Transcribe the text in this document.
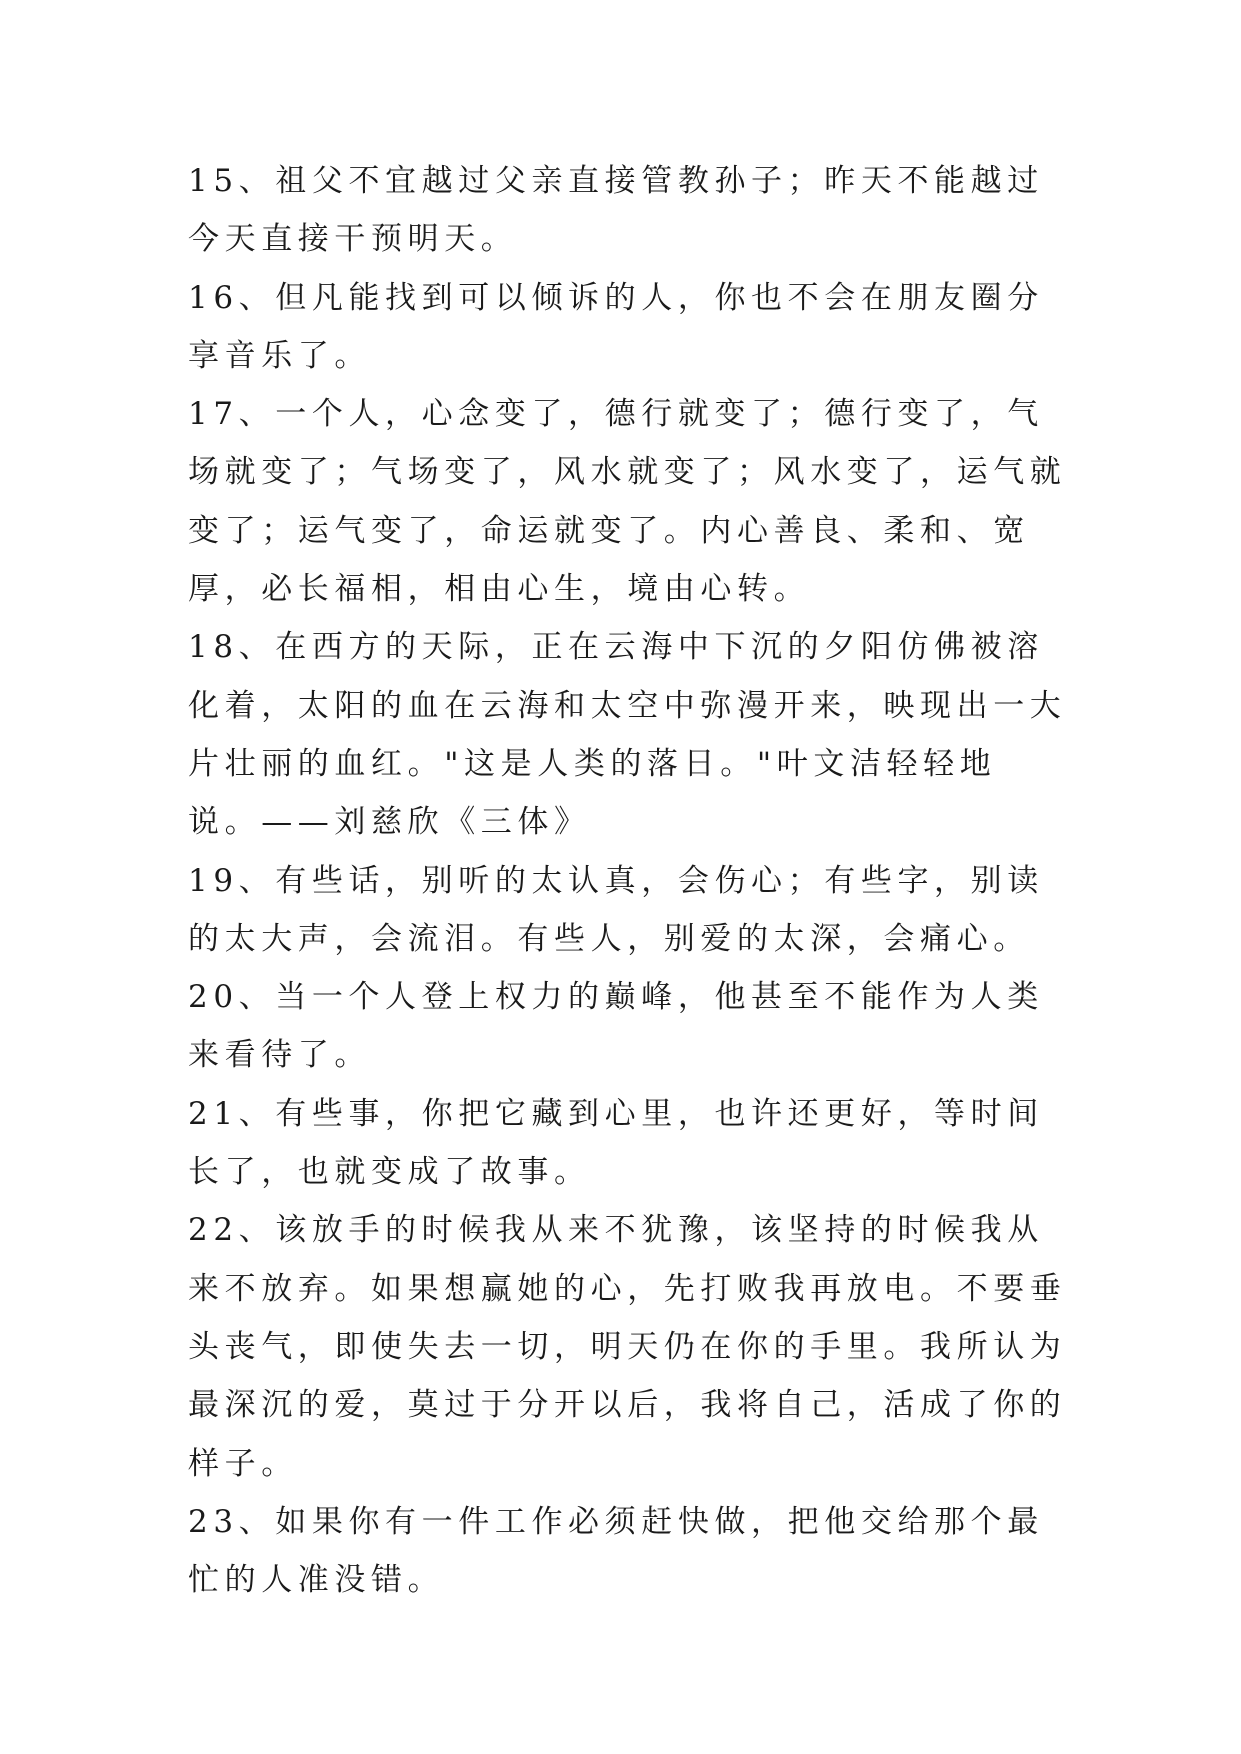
15、祖父不宜越过父亲直接管教孙子；昨天不能越过今天直接干预明天。

16、但凡能找到可以倾诉的人，你也不会在朋友圈分享音乐了。

17、一个人，心念变了，德行就变了；德行变了，气场就变了；气场变了，风水就变了；风水变了，运气就变了；运气变了，命运就变了。内心善良、柔和、宽厚，必长福相，相由心生，境由心转。

18、在西方的天际，正在云海中下沉的夕阳仿佛被溶化着，太阳的血在云海和太空中弥漫开来，映现出一大片壮丽的血红。"这是人类的落日。"叶文洁轻轻地说。——刘慈欣《三体》

19、有些话，别听的太认真，会伤心；有些字，别读的太大声，会流泪。有些人，别爱的太深，会痛心。

20、当一个人登上权力的巅峰，他甚至不能作为人类来看待了。

21、有些事，你把它藏到心里，也许还更好，等时间长了，也就变成了故事。

22、该放手的时候我从来不犹豫，该坚持的时候我从来不放弃。如果想赢她的心，先打败我再放电。不要垂头丧气，即使失去一切，明天仍在你的手里。我所认为最深沉的爱，莫过于分开以后，我将自己，活成了你的样子。

23、如果你有一件工作必须赶快做，把他交给那个最忙的人准没错。
